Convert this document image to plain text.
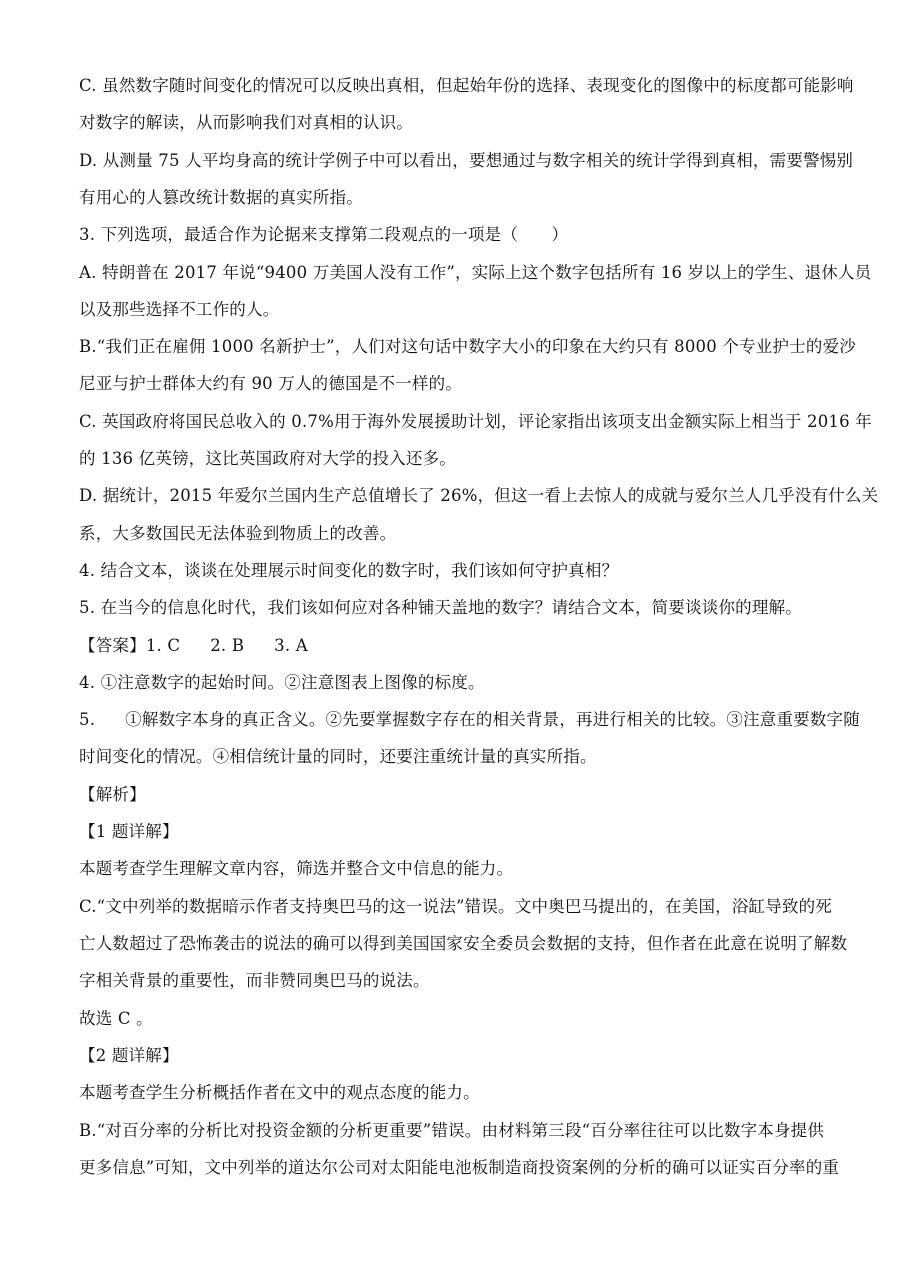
C. 虽然数字随时间变化的情况可以反映出真相，但起始年份的选择、表现变化的图像中的标度都可能影响
对数字的解读，从而影响我们对真相的认识。
D. 从测量 75 人平均身高的统计学例子中可以看出，要想通过与数字相关的统计学得到真相，需要警惕别
有用心的人篡改统计数据的真实所指。
3. 下列选项，最适合作为论据来支撑第二段观点的一项是（　　）
A. 特朗普在 2017 年说“9400 万美国人没有工作”，实际上这个数字包括所有 16 岁以上的学生、退休人员
以及那些选择不工作的人。
B.“我们正在雇佣 1000 名新护士”，人们对这句话中数字大小的印象在大约只有 8000 个专业护士的爱沙
尼亚与护士群体大约有 90 万人的德国是不一样的。
C. 英国政府将国民总收入的 0.7%用于海外发展援助计划，评论家指出该项支出金额实际上相当于 2016 年
的 136 亿英镑，这比英国政府对大学的投入还多。
D. 据统计，2015 年爱尔兰国内生产总值增长了 26%，但这一看上去惊人的成就与爱尔兰人几乎没有什么关
系，大多数国民无法体验到物质上的改善。
4. 结合文本，谈谈在处理展示时间变化的数字时，我们该如何守护真相？
5. 在当今的信息化时代，我们该如何应对各种铺天盖地的数字？请结合文本，简要谈谈你的理解。
【答案】1. C 2. B 3. A
4. ①注意数字的起始时间。②注意图表上图像的标度。
5. ①解数字本身的真正含义。②先要掌握数字存在的相关背景，再进行相关的比较。③注意重要数字随
时间变化的情况。④相信统计量的同时，还要注重统计量的真实所指。
【解析】
【1 题详解】
本题考查学生理解文章内容，筛选并整合文中信息的能力。
C.“文中列举的数据暗示作者支持奥巴马的这一说法”错误。文中奥巴马提出的，在美国，浴缸导致的死
亡人数超过了恐怖袭击的说法的确可以得到美国国家安全委员会数据的支持，但作者在此意在说明了解数
字相关背景的重要性，而非赞同奥巴马的说法。
故选 C 。
【2 题详解】
本题考查学生分析概括作者在文中的观点态度的能力。
B.“对百分率的分析比对投资金额的分析更重要”错误。由材料第三段“百分率往往可以比数字本身提供
更多信息”可知，文中列举的道达尔公司对太阳能电池板制造商投资案例的分析的确可以证实百分率的重
